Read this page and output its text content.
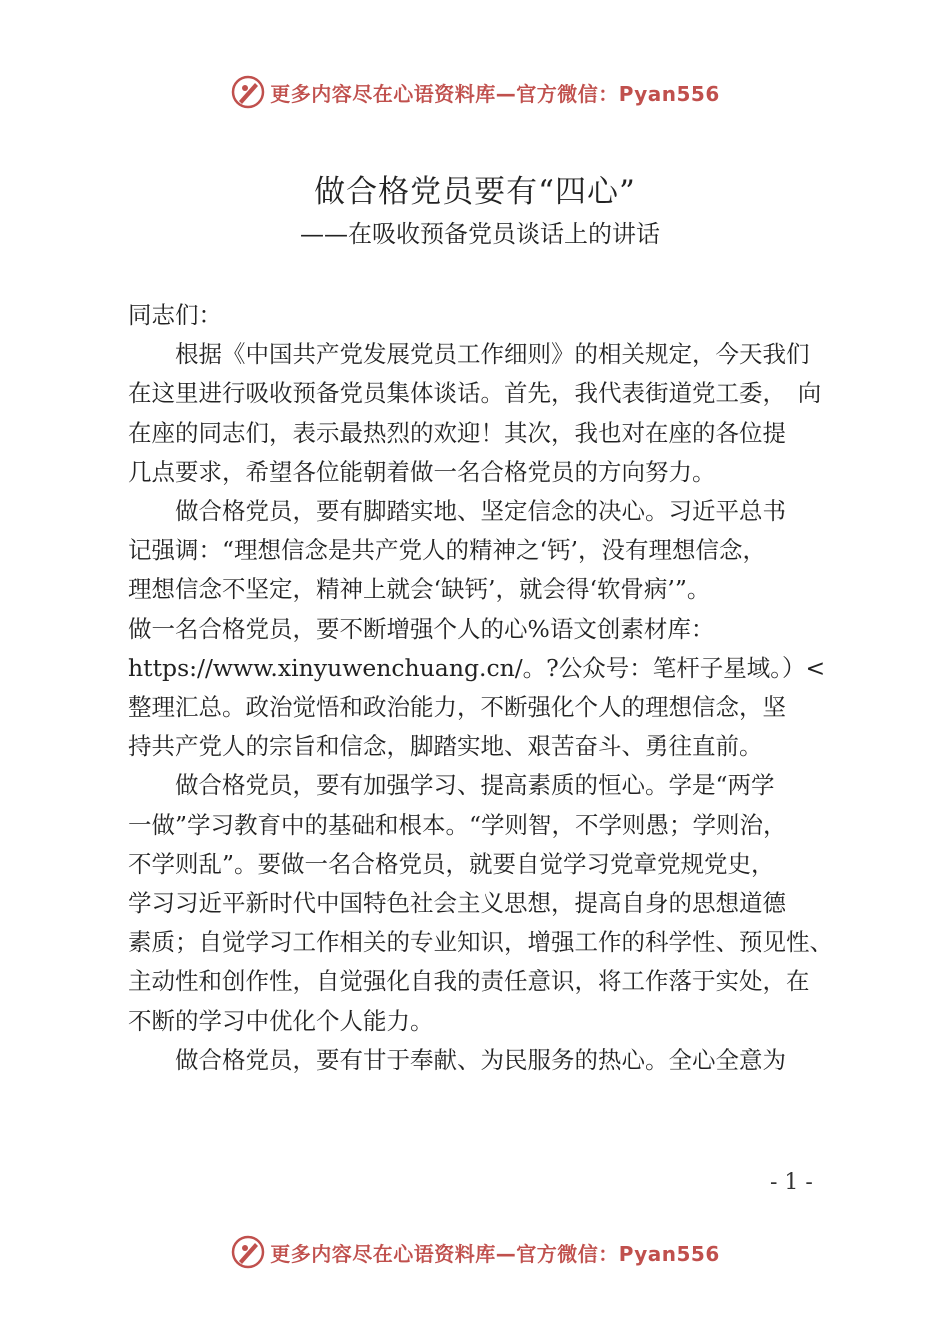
更多内容尽在心语资料库—官方微信：Pyan556
做合格党员要有“四心”
——在吸收预备党员谈话上的讲话
同志们：

　　根据《中国共产党发展党员工作细则》的相关规定，今天我们
在这里进行吸收预备党员集体谈话。首先，我代表街道党工委，　向
在座的同志们，表示最热烈的欢迎！其次，我也对在座的各位提
几点要求，希望各位能朝着做一名合格党员的方向努力。

　　做合格党员，要有脚踏实地、坚定信念的决心。习近平总书
记强调：“理想信念是共产党人的精神之‘钙’，没有理想信念，
理想信念不坚定，精神上就会‘缺钙’，就会得‘软骨病’”。
做一名合格党员，要不断增强个人的心%语文创素材库：
https://www.xinyuwenchuang.cn/。?公众号：笔杆子星域。）<
整理汇总。政治觉悟和政治能力，不断强化个人的理想信念，坚
持共产党人的宗旨和信念，脚踏实地、艰苦奋斗、勇往直前。

　　做合格党员，要有加强学习、提高素质的恒心。学是“两学
一做”学习教育中的基础和根本。“学则智，不学则愚；学则治，
不学则乱”。要做一名合格党员，就要自觉学习党章党规党史，
学习习近平新时代中国特色社会主义思想，提高自身的思想道德
素质；自觉学习工作相关的专业知识，增强工作的科学性、预见性、
主动性和创作性，自觉强化自我的责任意识，将工作落于实处，在
不断的学习中优化个人能力。

　　做合格党员，要有甘于奉献、为民服务的热心。全心全意为

- 1 -
更多内容尽在心语资料库—官方微信：Pyan556
